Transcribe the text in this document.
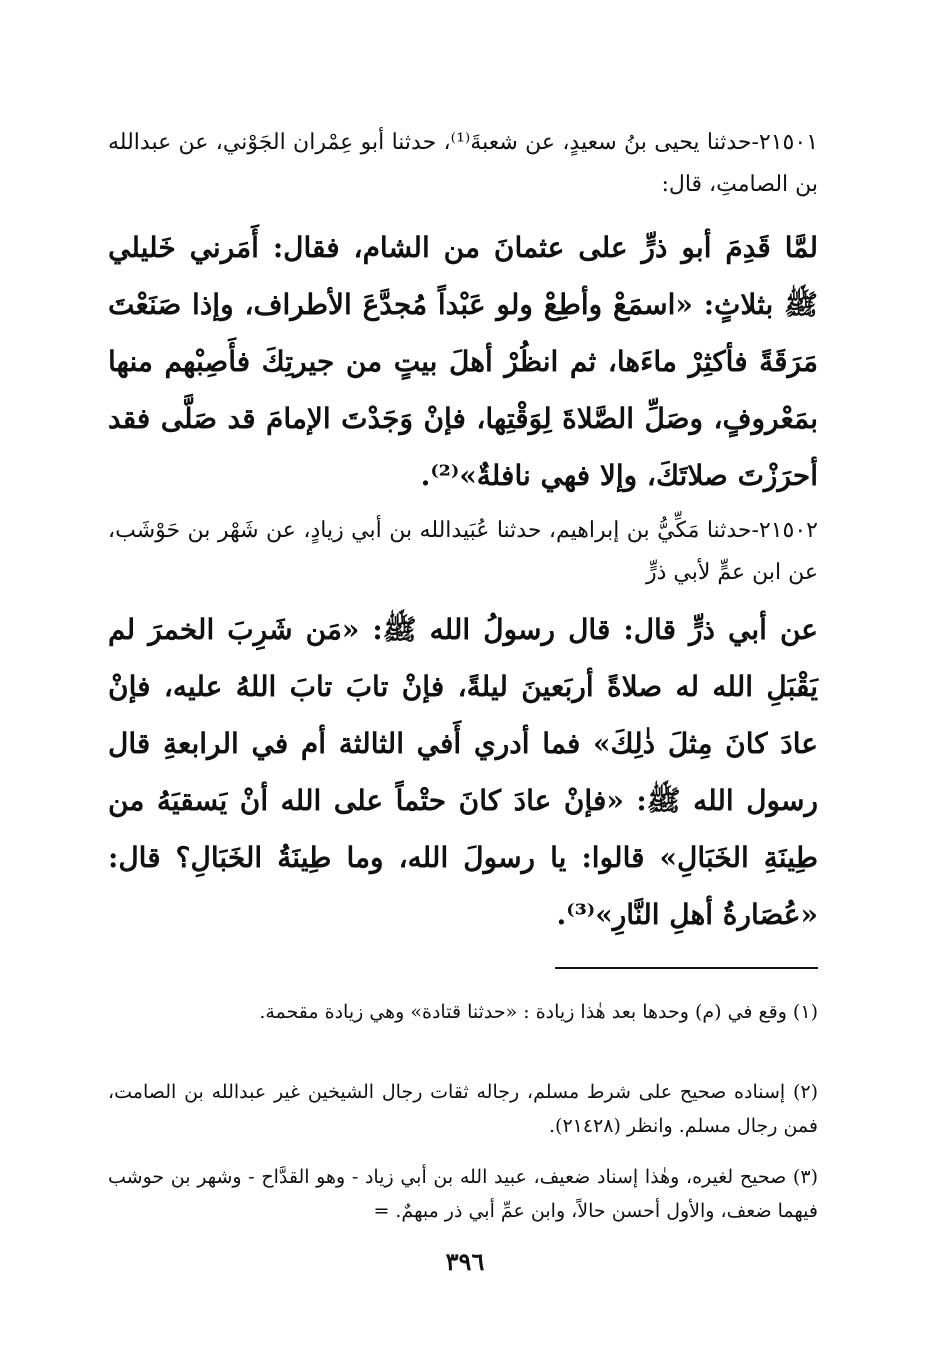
٢١٥٠١-حدثنا يحيى بنُ سعيدٍ، عن شعبةَ⁽¹⁾، حدثنا أبو عِمْران الجَوْني، عن عبدالله بن الصامتِ، قال:
لمَّا قَدِمَ أبو ذرٍّ على عثمانَ من الشام، فقال: أَمَرني خَليلي ﷺ بثلاثٍ: «اسمَعْ وأطِعْ ولو عَبْداً مُجدَّعَ الأطراف، وإذا صَنَعْتَ مَرَقَةً فأكثِرْ ماءَها، ثم انظُرْ أهلَ بيتٍ من جيرتِكَ فأَصِبْهم منها بمَعْروفٍ، وصَلِّ الصَّلاةَ لِوَقْتِها، فإنْ وَجَدْتَ الإمامَ قد صَلَّى فقد أحرَزْتَ صلاتَكَ، وإلا فهي نافلةٌ»⁽²⁾.
٢١٥٠٢-حدثنا مَكِّيُّ بن إبراهيم، حدثنا عُبَيدالله بن أبي زيادٍ، عن شَهْر بن حَوْشَب، عن ابن عمٍّ لأبي ذرٍّ
عن أبي ذرٍّ قال: قال رسولُ الله ﷺ: «مَن شَرِبَ الخمرَ لم يَقْبَلِ الله له صلاةً أربَعينَ ليلةً، فإنْ تابَ تابَ اللهُ عليه، فإنْ عادَ كانَ مِثلَ ذٰلِكَ» فما أدري أَفي الثالثة أم في الرابعةِ قال رسول الله ﷺ: «فإنْ عادَ كانَ حتْماً على الله أنْ يَسقيَهُ من طِينَةِ الخَبَالِ» قالوا: يا رسولَ الله، وما طِينَةُ الخَبَالِ؟ قال: «عُصَارةُ أهلِ النَّارِ»⁽³⁾.
(١) وقع في (م) وحدها بعد هٰذا زيادة : «حدثنا قتادة» وهي زيادة مقحمة.
(٢) إسناده صحيح على شرط مسلم، رجاله ثقات رجال الشيخين غير عبدالله بن الصامت، فمن رجال مسلم. وانظر (٢١٤٢٨).
(٣) صحيح لغيره، وهٰذا إسناد ضعيف، عبيد الله بن أبي زياد - وهو القدَّاح - وشهر بن حوشب فيهما ضعف، والأول أحسن حالاً، وابن عمِّ أبي ذر مبهمٌ. =
٣٩٦
